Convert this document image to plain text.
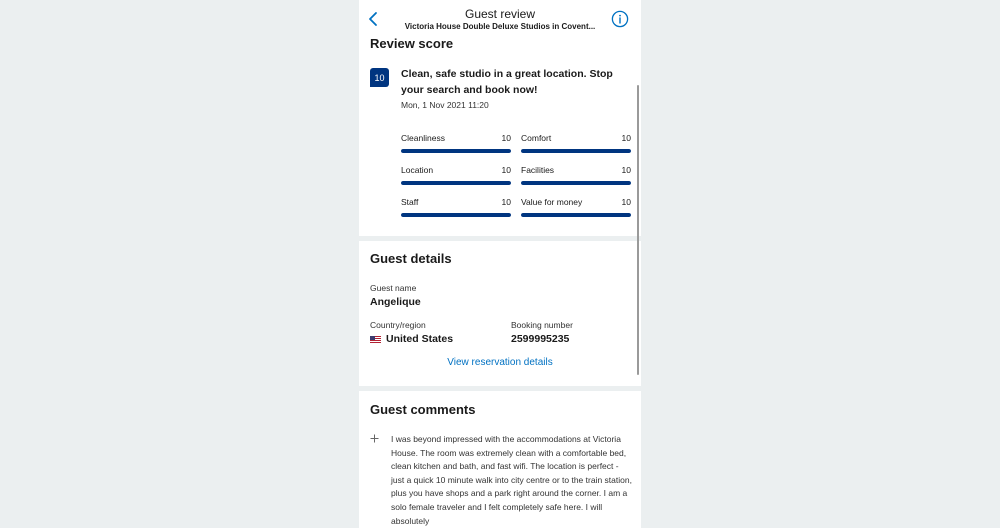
Guest review
Victoria House Double Deluxe Studios in Covent...
Review score
10	Clean, safe studio in a great location. Stop your search and book now!
Mon, 1 Nov 2021 11:20
Cleanliness	10 Comfort	10
Location	10 Facilities	10
Staff	10 Value for money	10
Guest details
Guest name
Angelique
Country/region
United States
Booking number
2599995235
View reservation details
Guest comments
I was beyond impressed with the accommodations at Victoria House. The room was extremely clean with a comfortable bed, clean kitchen and bath, and fast wifi. The location is perfect - just a quick 10 minute walk into city centre or to the train station, plus you have shops and a park right around the corner. I am a solo female traveler and I felt completely safe here. I will absolutely
